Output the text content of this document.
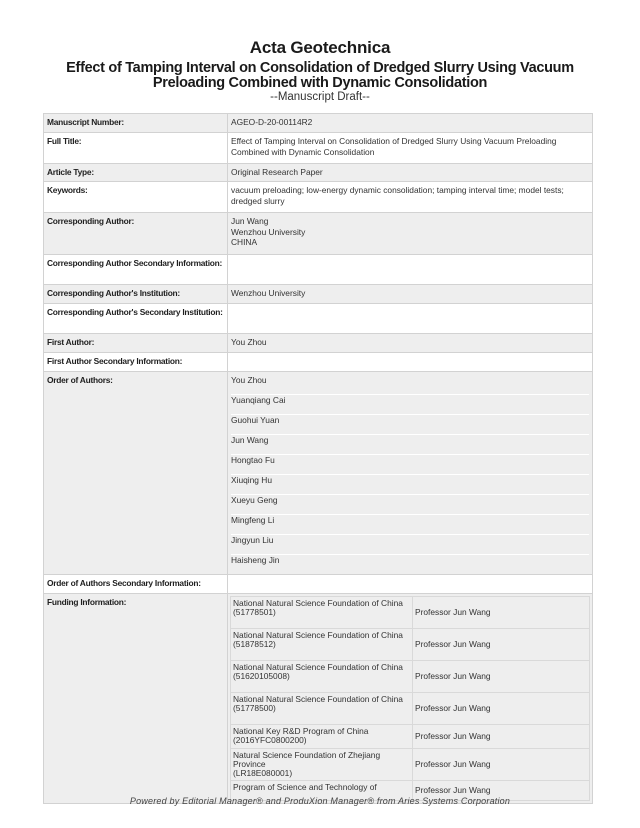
Acta Geotechnica
Effect of Tamping Interval on Consolidation of Dredged Slurry Using Vacuum Preloading Combined with Dynamic Consolidation
--Manuscript Draft--
Manuscript Number:	AGEO-D-20-00114R2
Full Title:	Effect of Tamping Interval on Consolidation of Dredged Slurry Using Vacuum Preloading Combined with Dynamic Consolidation
Article Type:	Original Research Paper
Keywords:	vacuum preloading; low-energy dynamic consolidation; tamping interval time; model tests; dredged slurry
Corresponding Author:	Jun Wang
Wenzhou University
CHINA

Corresponding Author Secondary Information:	
Corresponding Author's Institution:	Wenzhou University
Corresponding Author's Secondary Institution:	
First Author:	You Zhou
First Author Secondary Information:	
Order of Authors:	You Zhou
Yuanqiang Cai
Guohui Yuan
Jun Wang
Hongtao Fu
Xiuqing Hu
Xueyu Geng
Mingfeng Li
Jingyun Liu
Haisheng Jin

Order of Authors Secondary Information:	
Funding Information:		National Natural Science Foundation of China
(51778501)	Professor Jun Wang

National Natural Science Foundation of China
(51878512)	Professor Jun Wang

National Natural Science Foundation of China
(51620105008)	Professor Jun Wang

National Natural Science Foundation of China
(51778500)	Professor Jun Wang

National Key R&D Program of China
(2016YFC0800200)	Professor Jun Wang

Natural Science Foundation of Zhejiang Province
(LR18E080001)
	Professor Jun Wang

Program of Science and Technology of	Professor Jun Wang
Powered by Editorial Manager® and ProduXion Manager® from Aries Systems Corporation
